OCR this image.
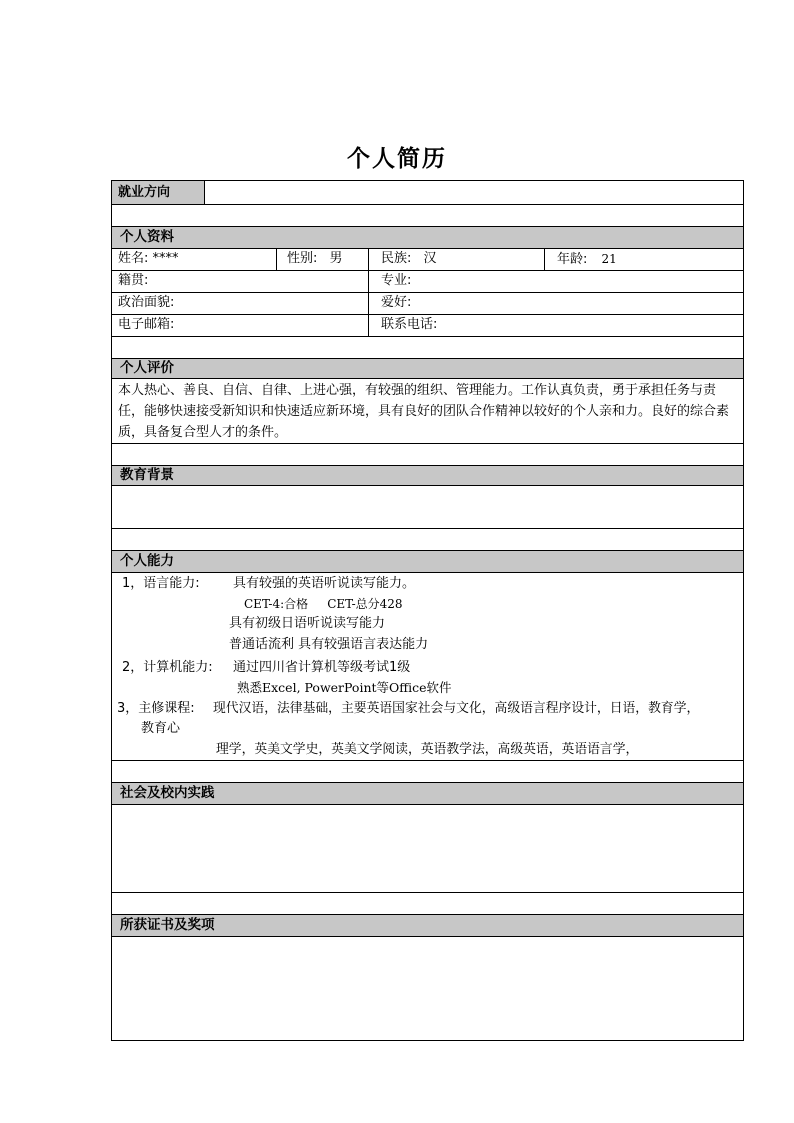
个人简历
就业方向
个人资料
姓名: ****	性别: 男	民族: 汉	年龄: 21
籍贯:	专业:
政治面貌:	爱好:
电子邮箱:	联系电话:
个人评价
本人热心、善良、自信、自律、上进心强，有较强的组织、管理能力。工作认真负责，勇于承担任务与责任，能够快速接受新知识和快速适应新环境，具有良好的团队合作精神以较好的个人亲和力。良好的综合素质，具备复合型人才的条件。
教育背景
个人能力
1，语言能力:	具有较强的英语听说读写能力。
CET-4:合格     CET-总分428
具有初级日语听说读写能力
普通话流利 具有较强语言表达能力
2，计算机能力: 通过四川省计算机等级考试1级
熟悉Excel, PowerPoint等Office软件
3，主修课程: 现代汉语，法律基础，主要英语国家社会与文化，高级语言程序设计，日语，教育学，
教育心
理学，英美文学史，英美文学阅读，英语教学法，高级英语，英语语言学，
社会及校内实践
所获证书及奖项
